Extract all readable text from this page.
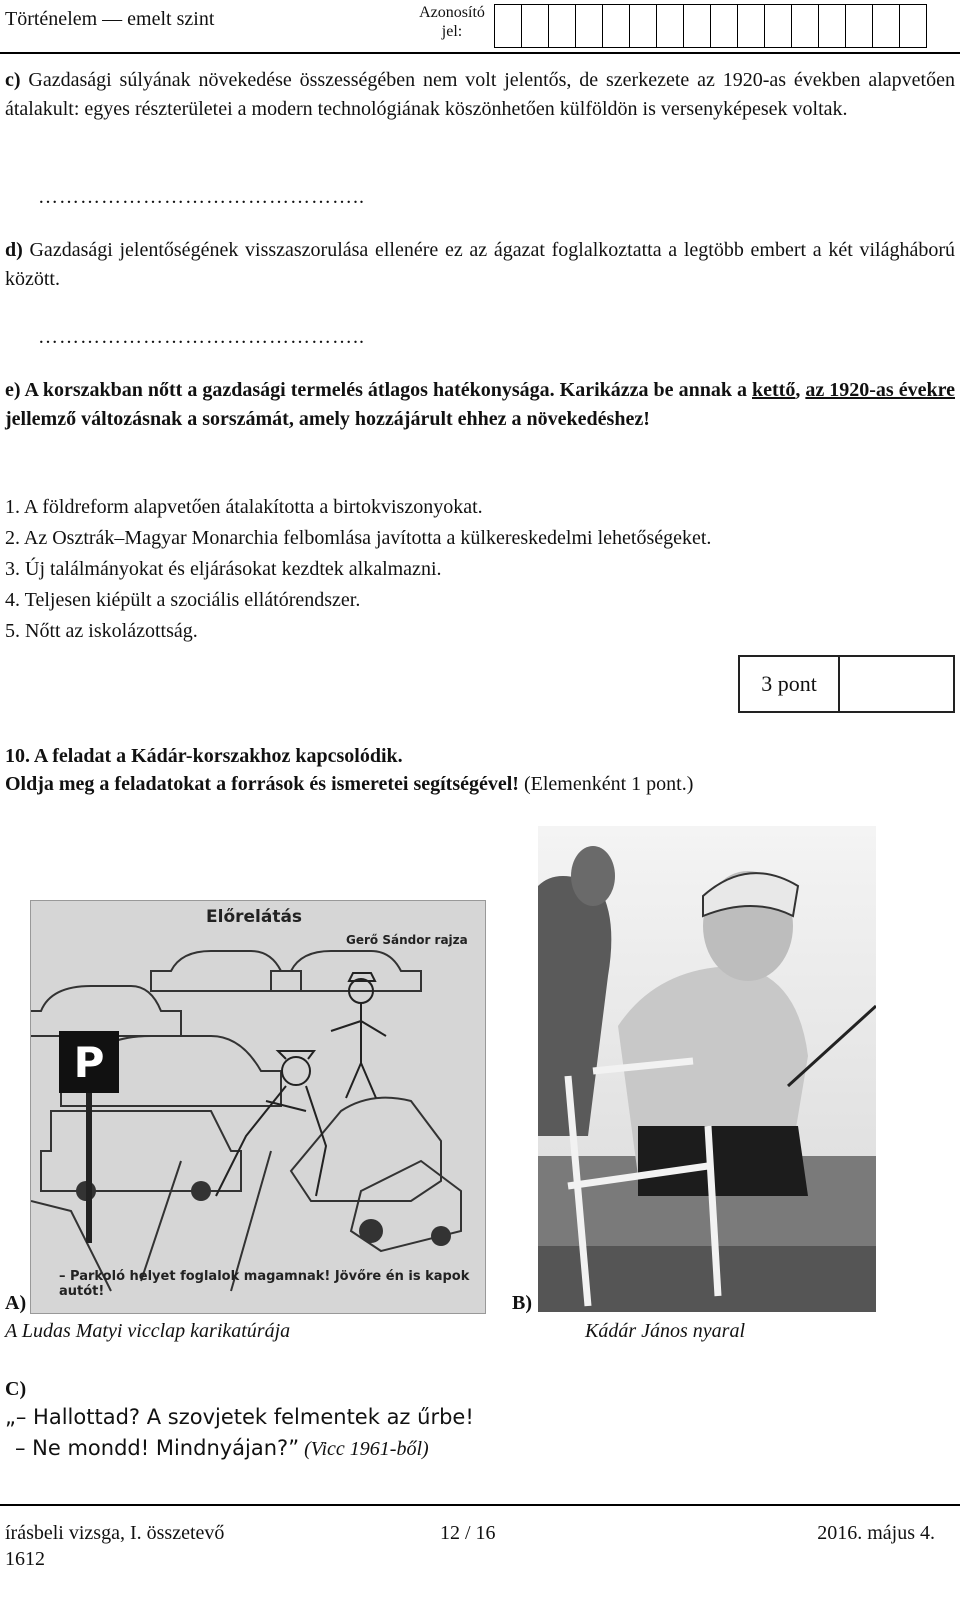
Történelem — emelt szint	Azonosító
jel:
c) Gazdasági súlyának növekedése összességében nem volt jelentős, de szerkezete az 1920-as években alapvetően átalakult: egyes részterületei a modern technológiának köszönhetően külföldön is versenyképesek voltak.
………………………………………..
d) Gazdasági jelentőségének visszaszorulása ellenére ez az ágazat foglalkoztatta a legtöbb embert a két világháború között.
………………………………………..
e) A korszakban nőtt a gazdasági termelés átlagos hatékonysága. Karikázza be annak a kettő, az 1920-as évekre jellemző változásnak a sorszámát, amely hozzájárult ehhez a növekedéshez!
1. A földreform alapvetően átalakította a birtokviszonyokat.
2. Az Osztrák–Magyar Monarchia felbomlása javította a külkereskedelmi lehetőségeket.
3. Új találmányokat és eljárásokat kezdtek alkalmazni.
4. Teljesen kiépült a szociális ellátórendszer.
5. Nőtt az iskolázottság.
3 pont
10. A feladat a Kádár-korszakhoz kapcsolódik.
Oldja meg a feladatokat a források és ismeretei segítségével! (Elemenként 1 pont.)
Előrelátás
Gerő Sándor rajza
P
– Parkoló helyet foglalok magamnak! Jövőre én is kapok
autót!
A)	B)
A Ludas Matyi vicclap karikatúrája	Kádár János nyaral
C)
„– Hallottad? A szovjetek felmentek az űrbe!
– Ne mondd! Mindnyájan?” (Vicc 1961-ből)
írásbeli vizsga, I. összetevő
1612
12 / 16	2016. május 4.
